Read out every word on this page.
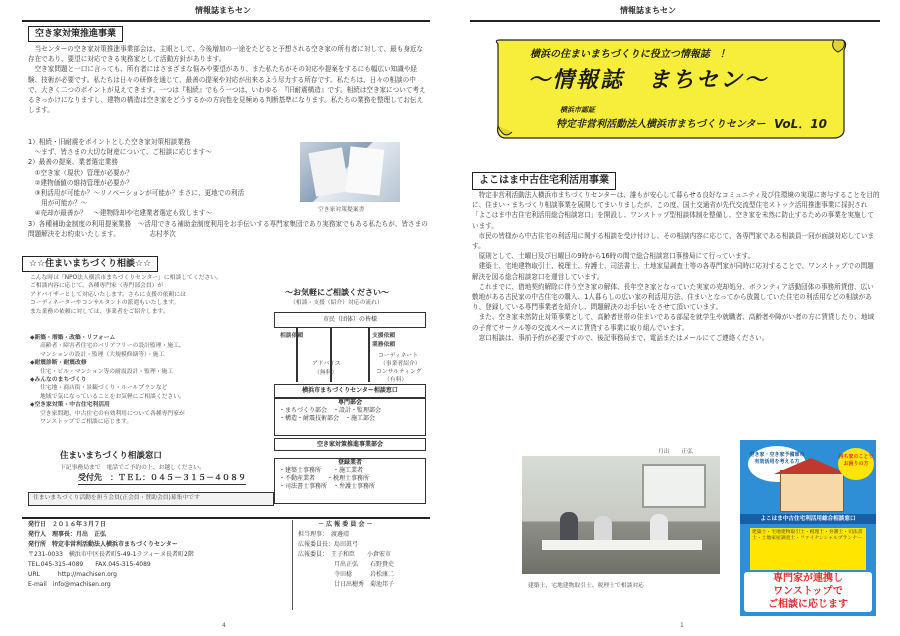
情報誌まちセン
空き家対策推進事業

当センターの空き家対策推進事業部会は、主眼として、今後増加の一途をたどると予想される空き家の所有者に対して、最も身近な存在であり、要望に対応できる実務家として活動方針があります。

空き家問題と一口に言っても、所有者にはさまざまな悩みや要望があり、また私たちがその対応や提案をするにも幅広い知識や経験、技術が必要です。私たちは日々の研修を通じて、最善の提案や対応が出来るよう尽力する所存です。私たちは、日々の相談の中で、大きく二つのポイントが見えてきます。一つは『相続』でもう一つは、いわゆる　『旧耐震構造』です。相続は空き家について考えるきっかけになりますし、建物の構造は空き家をどうするかの方向性を見極める判断基準になります。私たちの業務を整理してお伝えします。

1）相続・旧耐震をポイントとした空き家対策相談業務
　〜まず、皆さまの大切な財産について、ご相談に応じます〜
2）最善の提案、業者選定業務
　①空き家（現状）管理が必要か？
　②建物価値の維持管理が必要か？
　③利活用が可能か？〜リノベーションが可能か？まさに、更地での利活
　　用が可能か？〜
　④売却が最善か？　〜建物除却や宅建業者選定も致します〜
3）各種補助金制度の利用提案業務　〜活用できる補助金制度利用をお手伝いする専門家集団であり実務家でもある私たちが、皆さまの問題解決をお約束いたします。　　　　　志村孝次
空き家対策提案書
☆☆住まいまちづくり相談☆☆
こんな時は「NPO法人横浜市まちづくりセンター」に相談してください。
ご相談内容に応じて、各種専門家（専門部会員）が
アドバイザーとして対応いたします。さらに支援の依頼には
コーディネーターやコンサルタントの派遣もいたします。
また業務の依頼に対しては、事業者をご紹介します。
◆新築・増築・改築・リフォーム
高齢者・障害者住宅のバリアフリーの設計監理・施工、
マンションの設計・監理（大規模修繕等）・施工
◆耐震診断・耐震改修
住宅・ビル・マンション等の耐震設計・監理・施工
◆みんなのまちづくり
住宅地・商店街・景観づくり・ルールプランなど
地域で気になっていることをお気軽にご相談ください。
◆空き家対策・中古住宅利活用
空き家問題、中古住宅の有効利用について各種専門家が
ワンストップでご相談に応じます。
住まいまちづくり相談窓口
下記事務局まで　電話でご予約の上、お越しください。
受付先　：ＴＥＬ：０４５－３１５－４０８９
住まいまちづくり活動を担う会員(正会員・賛助会員)募集中です
～お気軽にご相談ください～
（相談・支援（紹介）対応の流れ）
市民（団体）の皆様
相談依頼	支援依頼
業務依頼
アドバイス
（無料）
コーディネート
（事業者紹介）
コンサルティング
（有料）
横浜市まちづくりセンター相談窓口
専門部会
・まちづくり部会　・設計・監理部会
・構造・耐震技術部会　・施工部会
空き家対策推進事業部会
登録業者
・建築士事務所　　・施工業者
・不動産業者　　・税理士事務所
・司法書士事務所　・弁護士事務所
発行日　２０１６年３月７日
発行人　理事長：月出　正弘
発行所　特定非営利活動法人横浜市まちづくりセンター
〒231-0033　横浜市中区長者町5-49-1ラフィーヌ長者町2階
TEL.045-315-4089　　FAX.045-315-4089
URL　　　http://machisen.org
E-mail　info@machisen.org
－ 広 報 委 員 会 －
担当理事：　渡邊靖
広報委員長：島田眞弓
広報委員：　王子和臣　　小倉宏市
　　　　　　月出正弘　　石野貴史
　　　　　　寺田稔　　　岩松康二
　　　　　　廿日出穂秀　菊池邦子
4
情報誌まちセン
横浜の住まいまちづくりに役立つ情報誌　！
～情報誌　まちセン～
横浜市認証
特定非営利活動法人横浜市まちづくりセンター VoL．10
よこはま中古住宅利活用事業

特定非営利活動法人横浜市まちづくりセンターは、誰もが安心して暮らせる良好なコミュニティ及び住環境の実現に寄与することを目的に、住まい・まちづくり相談事業を展開してまいりましたが、この度、国土交通省が先代交流型住宅ストック活用推進事業に採択され「よこはま中古住宅利活用総合相談窓口」を開設し、ワンストップ型相談体制を整備し、空き家を未然に防止するための事業を実施しています。

市民の皆様から中古住宅の利活用に関する相談を受け付けし、その相談内容に応じて、各専門家である相談員一同が面談対応しています。

原則として、土曜日及び日曜日の9時から16時の間で総合相談窓口事務局にて行っています。

建築士、宅地建物取引士、税理士、弁護士、司法書士、土地家屋調査士等の各専門家が同時に応対することで、ワンストップでの問題解決を図る総合相談窓口を運営しています。

これまでに、借地契約解除に伴う空き家の解体、長年空き家となっていた実家の売却処分、ボランティア活動団体の事務所貸借、広い敷地がある古民家の中古住宅の購入、1人暮らしの広い家の利活用方法、住まいとなってから放置していた住宅の利活用などの相談があり、登録している専門事業者を紹介し、問題解決のお手伝いをさせて頂いています。

また、空き家未然防止対策事業として、高齢者世帯の住まいである部屋を就学生や就職者、高齢者や障がい者の方に賃貸したり、地域の子育てサークル等の交流スペースに賃貸する事業に取り組んでいます。

窓口相談は、事前予約が必要ですので、後記事務局まで、電話またはメールにてご連絡ください。

月出　　正弘
建築士、宅地建物取引士、税理士で相談対応
空き家・空き家予備軍の有効活用を考える方
持ち家のことでお困りの方
よこはま中古住宅利活用総合相談窓口
建築士・宅地建物取引士・税理士・弁護士・司法書士・土地家屋調査士・ファイナンシャルプランナー
専門家が連携し
ワンストップで
ご相談に応じます
1
